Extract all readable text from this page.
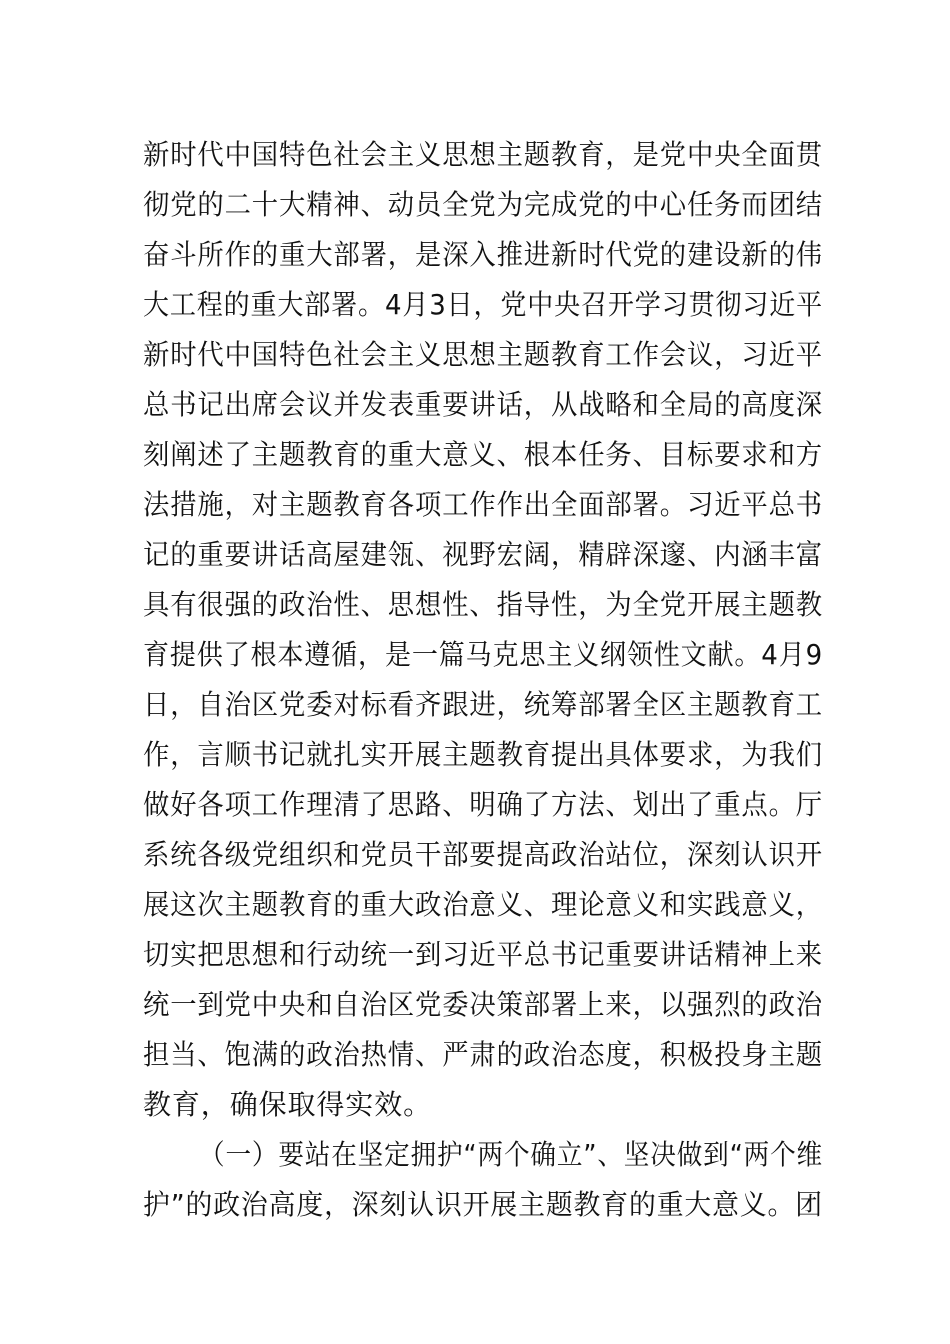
新时代中国特色社会主义思想主题教育，是党中央全面贯
彻党的二十大精神、动员全党为完成党的中心任务而团结
奋斗所作的重大部署，是深入推进新时代党的建设新的伟
大工程的重大部署。4月3日，党中央召开学习贯彻习近平
新时代中国特色社会主义思想主题教育工作会议，习近平
总书记出席会议并发表重要讲话，从战略和全局的高度深
刻阐述了主题教育的重大意义、根本任务、目标要求和方
法措施，对主题教育各项工作作出全面部署。习近平总书
记的重要讲话高屋建瓴、视野宏阔，精辟深邃、内涵丰富
具有很强的政治性、思想性、指导性，为全党开展主题教
育提供了根本遵循，是一篇马克思主义纲领性文献。4月9
日，自治区党委对标看齐跟进，统筹部署全区主题教育工
作，言顺书记就扎实开展主题教育提出具体要求，为我们
做好各项工作理清了思路、明确了方法、划出了重点。厅
系统各级党组织和党员干部要提高政治站位，深刻认识开
展这次主题教育的重大政治意义、理论意义和实践意义，
切实把思想和行动统一到习近平总书记重要讲话精神上来
统一到党中央和自治区党委决策部署上来，以强烈的政治
担当、饱满的政治热情、严肃的政治态度，积极投身主题
教育，确保取得实效。
（一）要站在坚定拥护“两个确立”、坚决做到“两个维
护”的政治高度，深刻认识开展主题教育的重大意义。团
